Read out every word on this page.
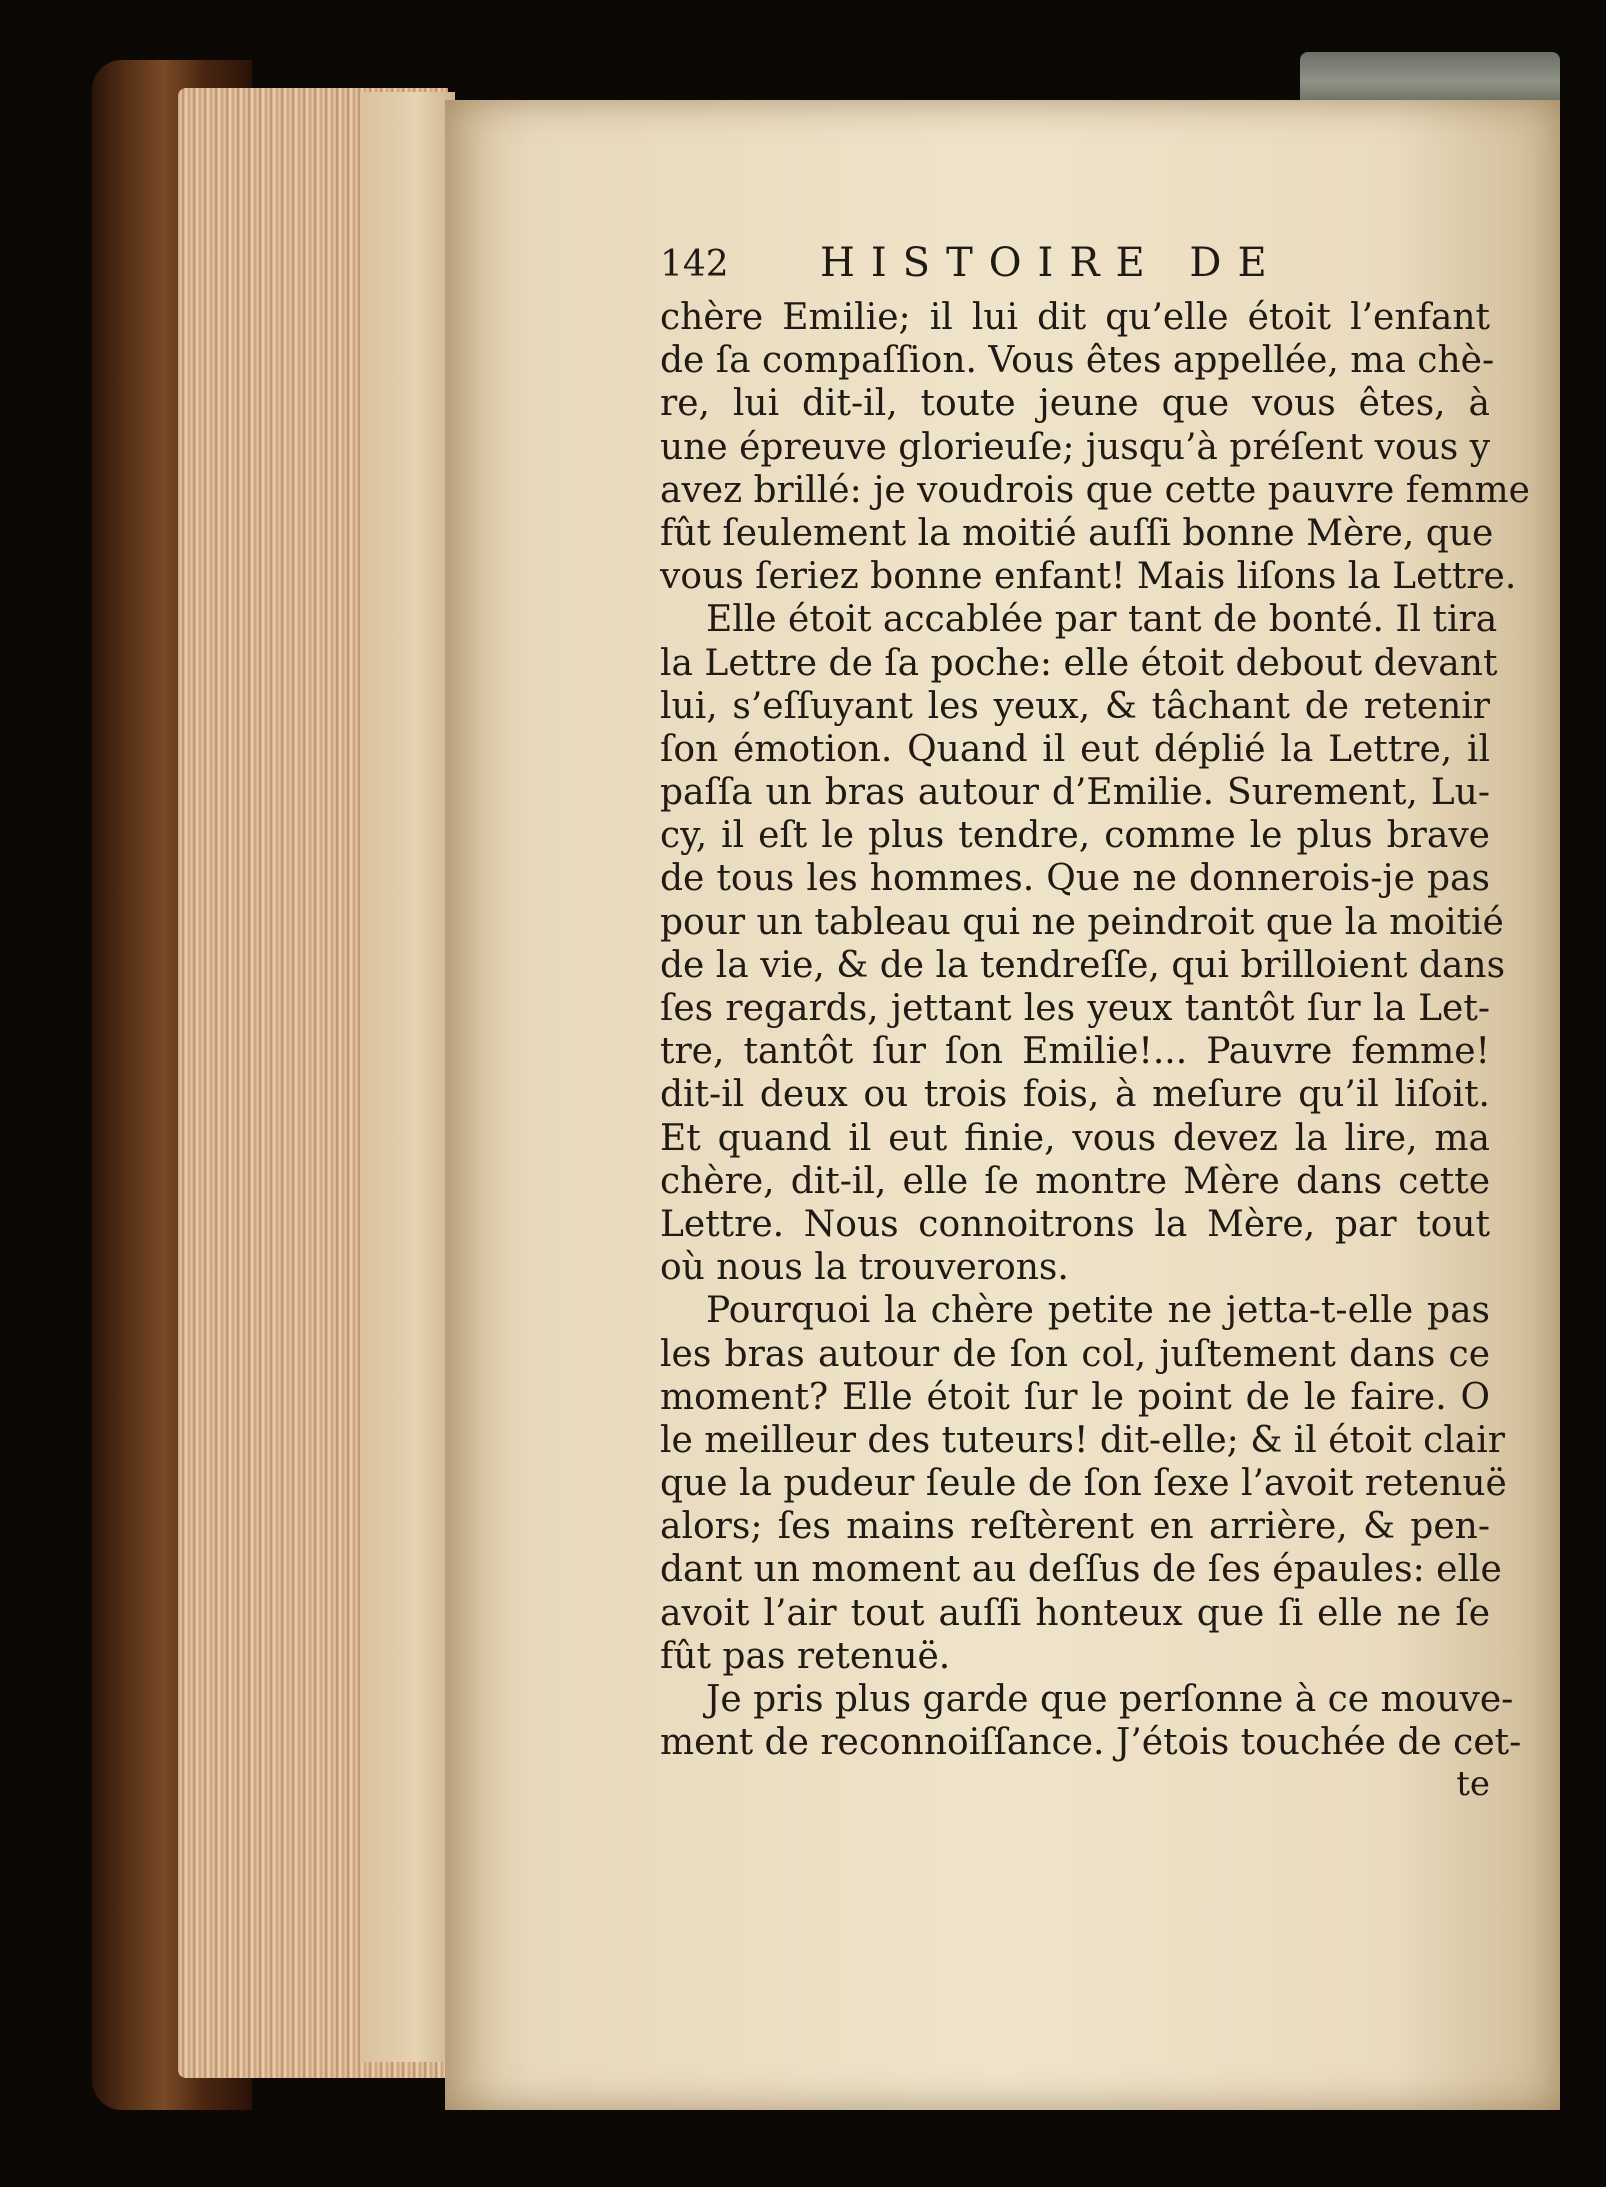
142	HISTOIRE DE
chère Emilie; il lui dit qu’elle étoit l’enfant
de ſa compaſſion. Vous êtes appellée, ma chè-
re, lui dit-il, toute jeune que vous êtes, à
une épreuve glorieuſe; jusqu’à préſent vous y
avez brillé: je voudrois que cette pauvre femme
fût ſeulement la moitié auſſi bonne Mère, que
vous ſeriez bonne enfant! Mais liſons la Lettre.
Elle étoit accablée par tant de bonté. Il tira
la Lettre de ſa poche: elle étoit debout devant
lui, s’eſſuyant les yeux, & tâchant de retenir
ſon émotion. Quand il eut déplié la Lettre, il
paſſa un bras autour d’Emilie. Surement, Lu-
cy, il eſt le plus tendre, comme le plus brave
de tous les hommes. Que ne donnerois-je pas
pour un tableau qui ne peindroit que la moitié
de la vie, & de la tendreſſe, qui brilloient dans
ſes regards, jettant les yeux tantôt ſur la Let-
tre, tantôt ſur ſon Emilie!... Pauvre femme!
dit-il deux ou trois fois, à meſure qu’il liſoit.
Et quand il eut finie, vous devez la lire, ma
chère, dit-il, elle ſe montre Mère dans cette
Lettre. Nous connoitrons la Mère, par tout
où nous la trouverons.
Pourquoi la chère petite ne jetta-t-elle pas
les bras autour de ſon col, juſtement dans ce
moment? Elle étoit ſur le point de le faire. O
le meilleur des tuteurs! dit-elle; & il étoit clair
que la pudeur ſeule de ſon ſexe l’avoit retenuë
alors; ſes mains reſtèrent en arrière, & pen-
dant un moment au deſſus de ſes épaules: elle
avoit l’air tout auſſi honteux que ſi elle ne ſe
fût pas retenuë.
Je pris plus garde que perſonne à ce mouve-
ment de reconnoiſſance. J’étois touchée de cet-
te
